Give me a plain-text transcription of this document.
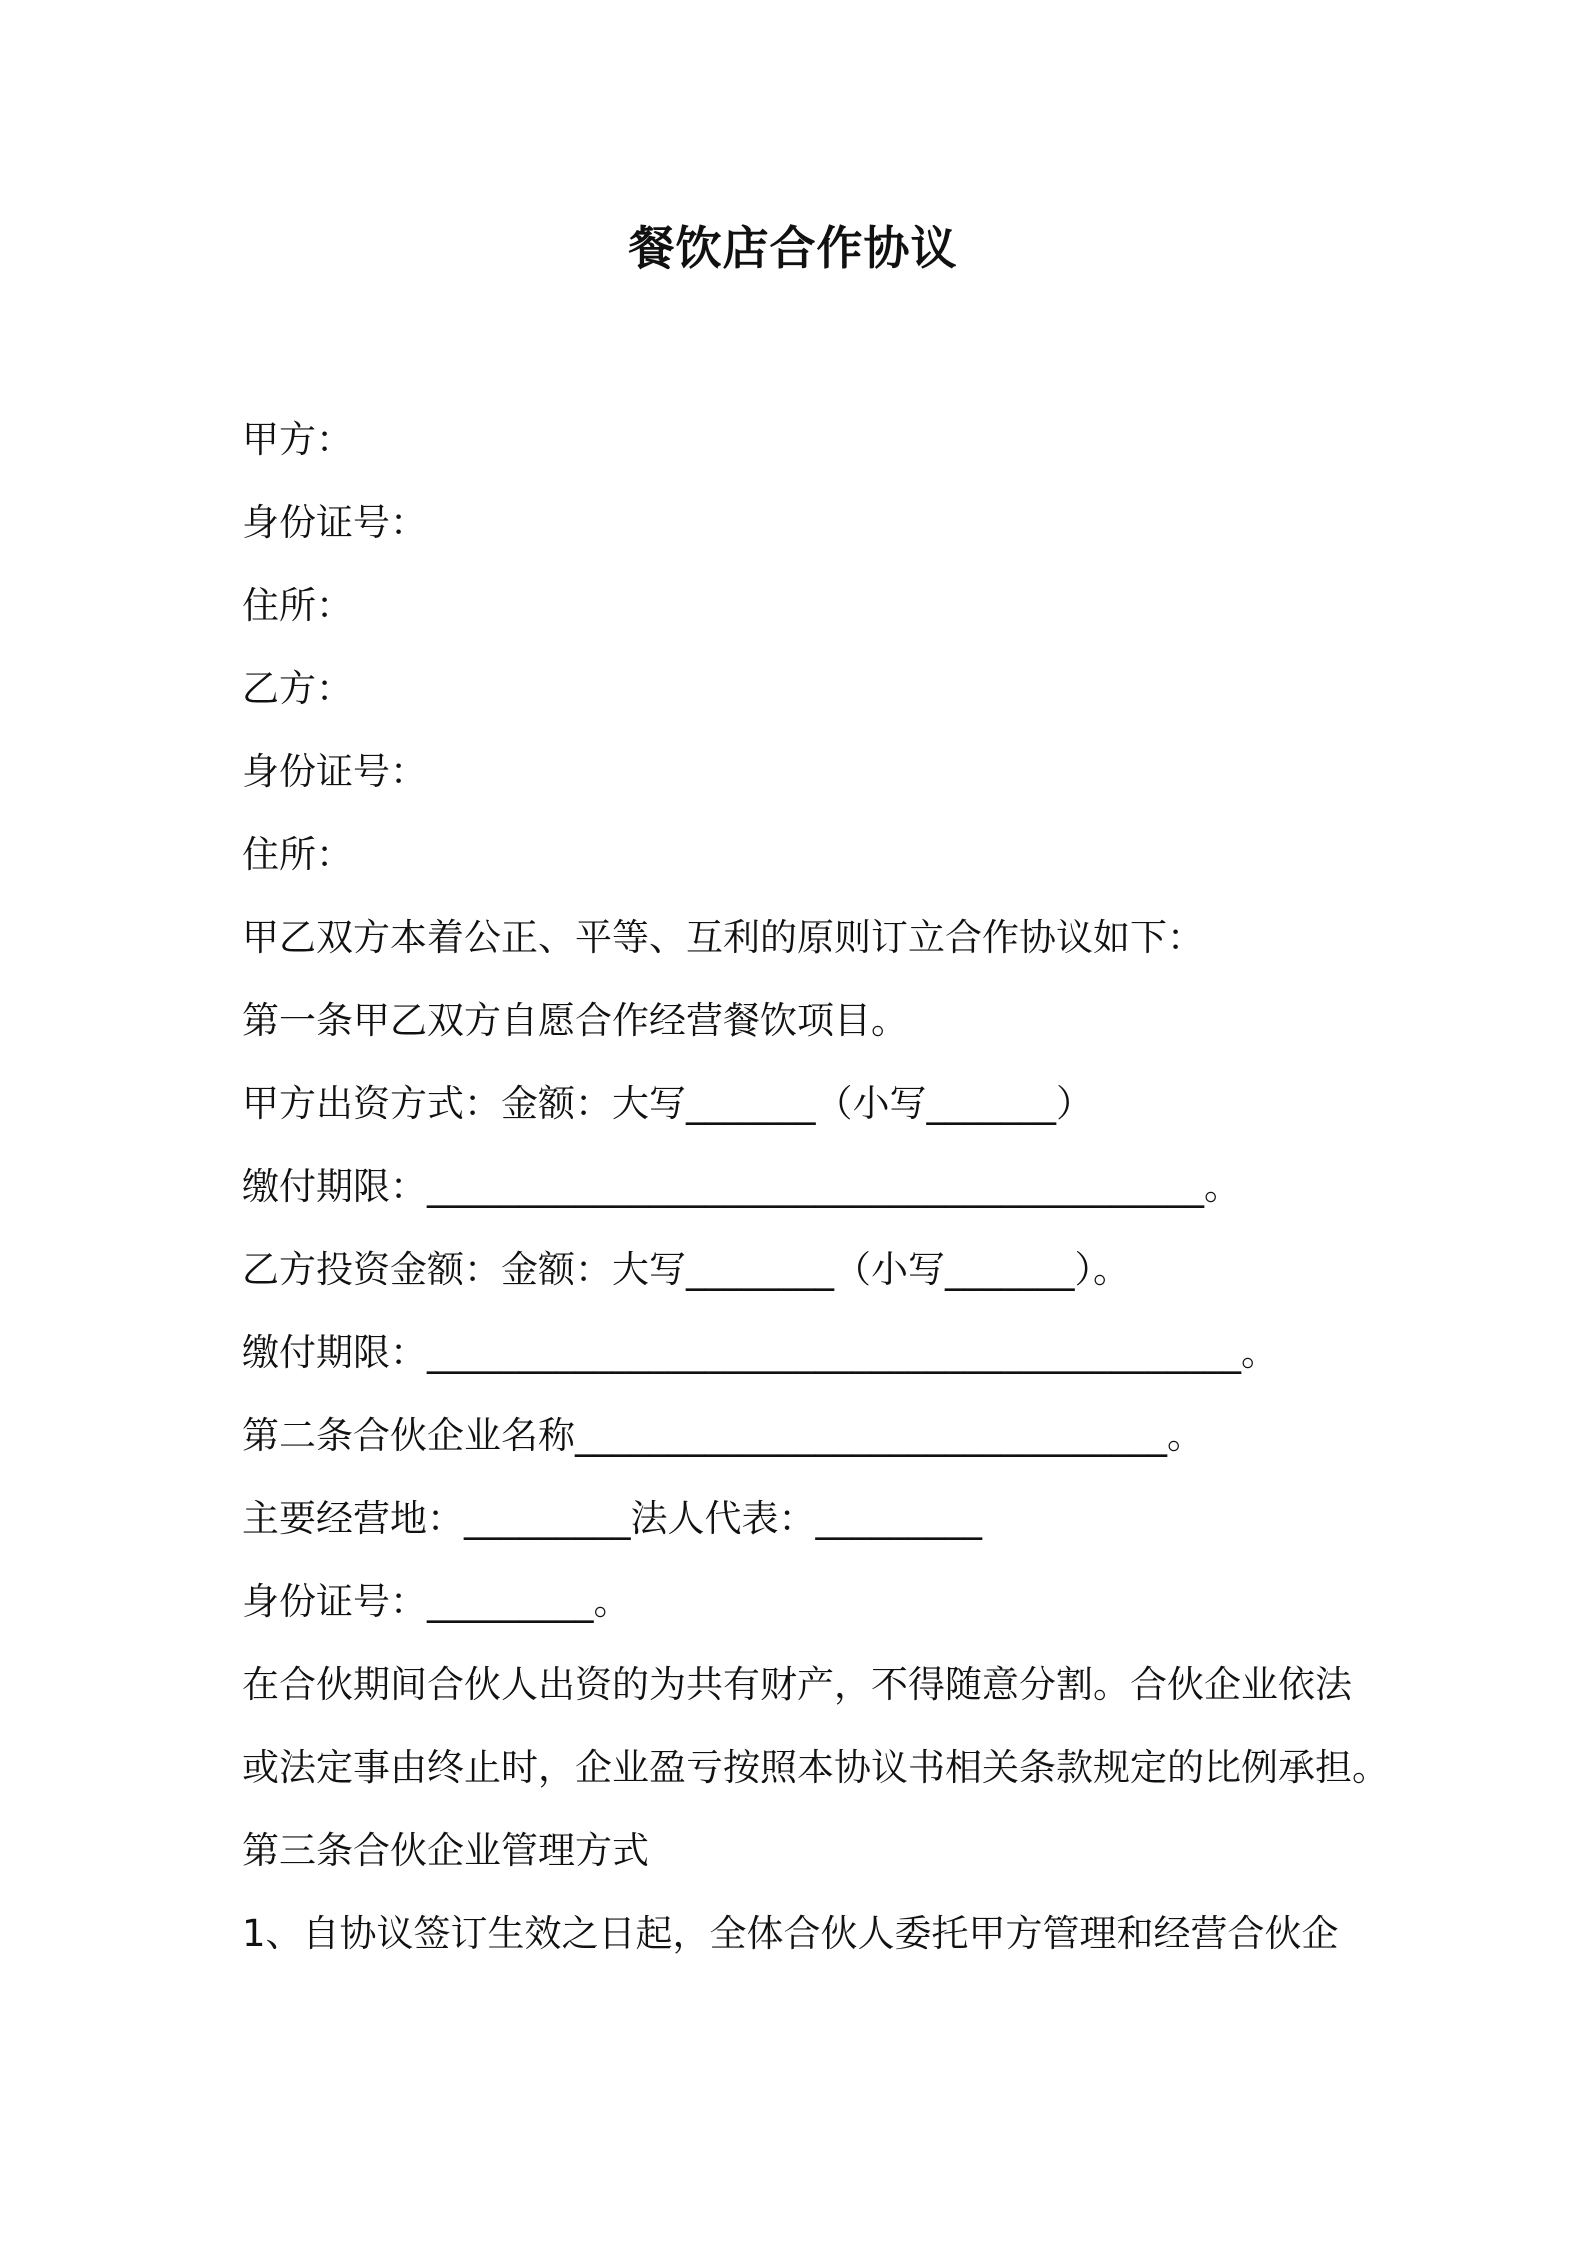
餐饮店合作协议
甲方：
身份证号：
住所：
乙方：
身份证号：
住所：
甲乙双方本着公正、平等、互利的原则订立合作协议如下：
第一条甲乙双方自愿合作经营餐饮项目。
甲方出资方式：金额：大写_______（小写_______）
缴付期限：__________________________________________。
乙方投资金额：金额：大写________（小写_______）。
缴付期限：____________________________________________。
第二条合伙企业名称________________________________。
主要经营地：_________法人代表：_________
身份证号：_________。
在合伙期间合伙人出资的为共有财产，不得随意分割。合伙企业依法
或法定事由终止时，企业盈亏按照本协议书相关条款规定的比例承担。
第三条合伙企业管理方式
1、自协议签订生效之日起，全体合伙人委托甲方管理和经营合伙企
